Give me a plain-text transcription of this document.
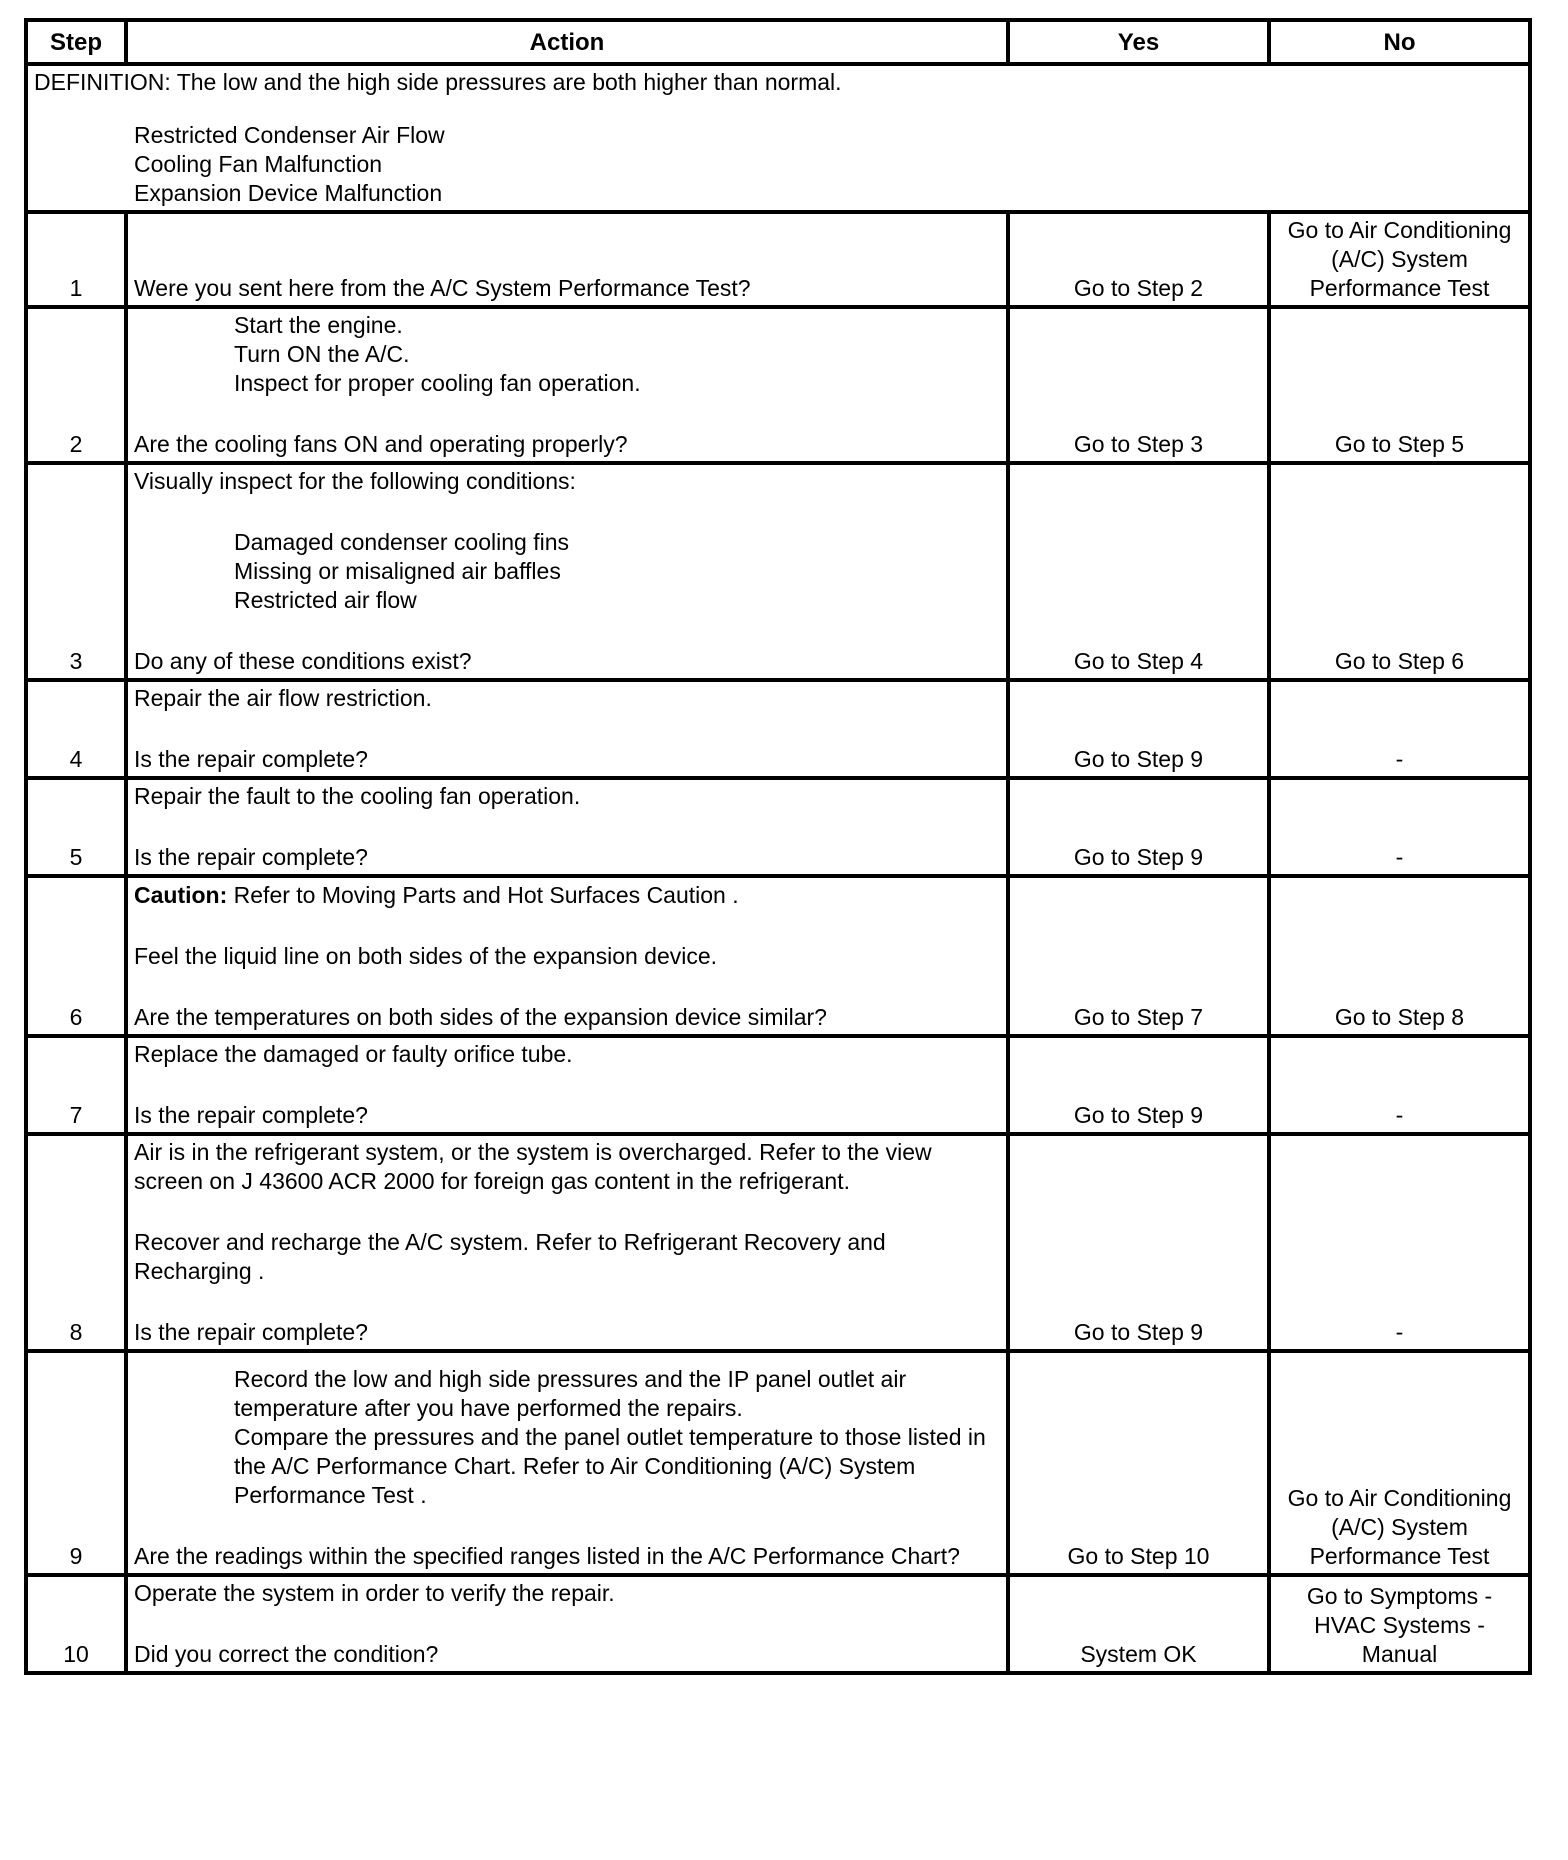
Step	Action	Yes	No

DEFINITION: The low and the high side pressures are both higher than normal.
Restricted Condenser Air Flow
Cooling Fan Malfunction
Expansion Device Malfunction			

1	Were you sent here from the A/C System Performance Test?	Go to Step 2	Go to Air Conditioning (A/C) System Performance Test
2	Start the engine.
Turn ON the A/C.
Inspect for proper cooling fan operation.
Are the cooling fans ON and operating properly?	Go to Step 3	Go to Step 5
3	Visually inspect for the following conditions:
Damaged condenser cooling fins
Missing or misaligned air baffles
Restricted air flow
Do any of these conditions exist?	Go to Step 4	Go to Step 6
4	Repair the air flow restriction.
Is the repair complete?	Go to Step 9	-
5	Repair the fault to the cooling fan operation.
Is the repair complete?	Go to Step 9	-
6	Caution: Refer to Moving Parts and Hot Surfaces Caution .
Feel the liquid line on both sides of the expansion device.
Are the temperatures on both sides of the expansion device similar?	Go to Step 7	Go to Step 8
7	Replace the damaged or faulty orifice tube.
Is the repair complete?	Go to Step 9	-
8	Air is in the refrigerant system, or the system is overcharged. Refer to the view screen on J 43600 ACR 2000 for foreign gas content in the refrigerant.
Recover and recharge the A/C system. Refer to Refrigerant Recovery and Recharging .
Is the repair complete?	Go to Step 9	-
9	Record the low and high side pressures and the IP panel outlet air temperature after you have performed the repairs.
Compare the pressures and the panel outlet temperature to those listed in the A/C Performance Chart. Refer to Air Conditioning (A/C) System Performance Test .
Are the readings within the specified ranges listed in the A/C Performance Chart?	Go to Step 10	Go to Air Conditioning (A/C) System Performance Test
10	Operate the system in order to verify the repair.
Did you correct the condition?	System OK	Go to Symptoms - HVAC Systems - Manual
